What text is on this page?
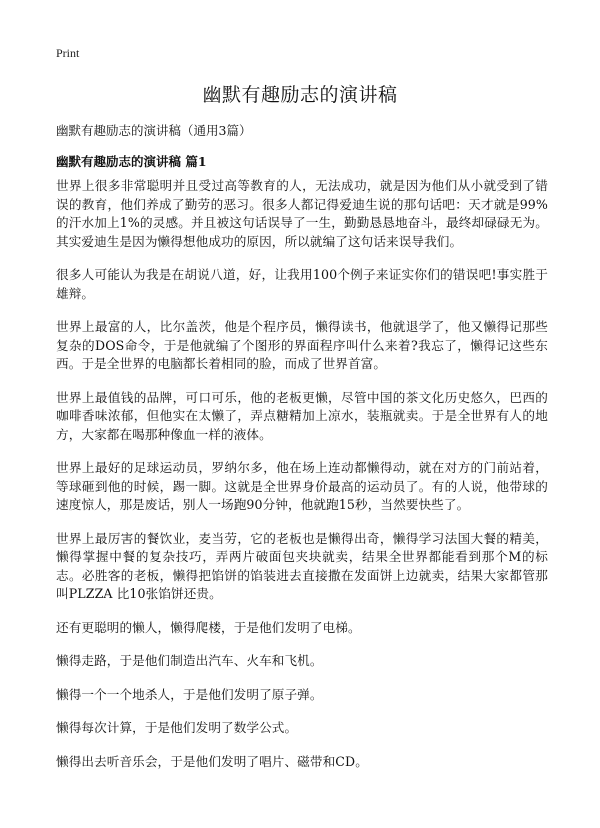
Print
幽默有趣励志的演讲稿

幽默有趣励志的演讲稿（通用3篇）

幽默有趣励志的演讲稿 篇1

世界上很多非常聪明并且受过高等教育的人，无法成功，就是因为他们从小就受到了错误的教育，他们养成了勤劳的恶习。很多人都记得爱迪生说的那句话吧：天才就是99%的汗水加上1%的灵感。并且被这句话误导了一生，勤勤恳恳地奋斗，最终却碌碌无为。其实爱迪生是因为懒得想他成功的原因，所以就编了这句话来误导我们。

很多人可能认为我是在胡说八道，好，让我用100个例子来证实你们的错误吧!事实胜于雄辩。

世界上最富的人，比尔盖茨，他是个程序员，懒得读书，他就退学了，他又懒得记那些复杂的DOS命令，于是他就编了个图形的界面程序叫什么来着?我忘了，懒得记这些东西。于是全世界的电脑都长着相同的脸，而成了世界首富。

世界上最值钱的品牌，可口可乐，他的老板更懒，尽管中国的茶文化历史悠久，巴西的咖啡香味浓郁，但他实在太懒了，弄点糖精加上凉水，装瓶就卖。于是全世界有人的地方，大家都在喝那种像血一样的液体。

世界上最好的足球运动员，罗纳尔多，他在场上连动都懒得动，就在对方的门前站着，等球砸到他的时候，踢一脚。这就是全世界身价最高的运动员了。有的人说，他带球的速度惊人，那是废话，别人一场跑90分钟，他就跑15秒，当然要快些了。

世界上最厉害的餐饮业，麦当劳，它的老板也是懒得出奇，懒得学习法国大餐的精美，懒得掌握中餐的复杂技巧，弄两片破面包夹块就卖，结果全世界都能看到那个M的标志。必胜客的老板，懒得把馅饼的馅装进去直接撒在发面饼上边就卖，结果大家都管那叫PLZZA 比10张馅饼还贵。

还有更聪明的懒人，懒得爬楼，于是他们发明了电梯。

懒得走路，于是他们制造出汽车、火车和飞机。

懒得一个一个地杀人，于是他们发明了原子弹。

懒得每次计算，于是他们发明了数学公式。

懒得出去听音乐会，于是他们发明了唱片、磁带和CD。
